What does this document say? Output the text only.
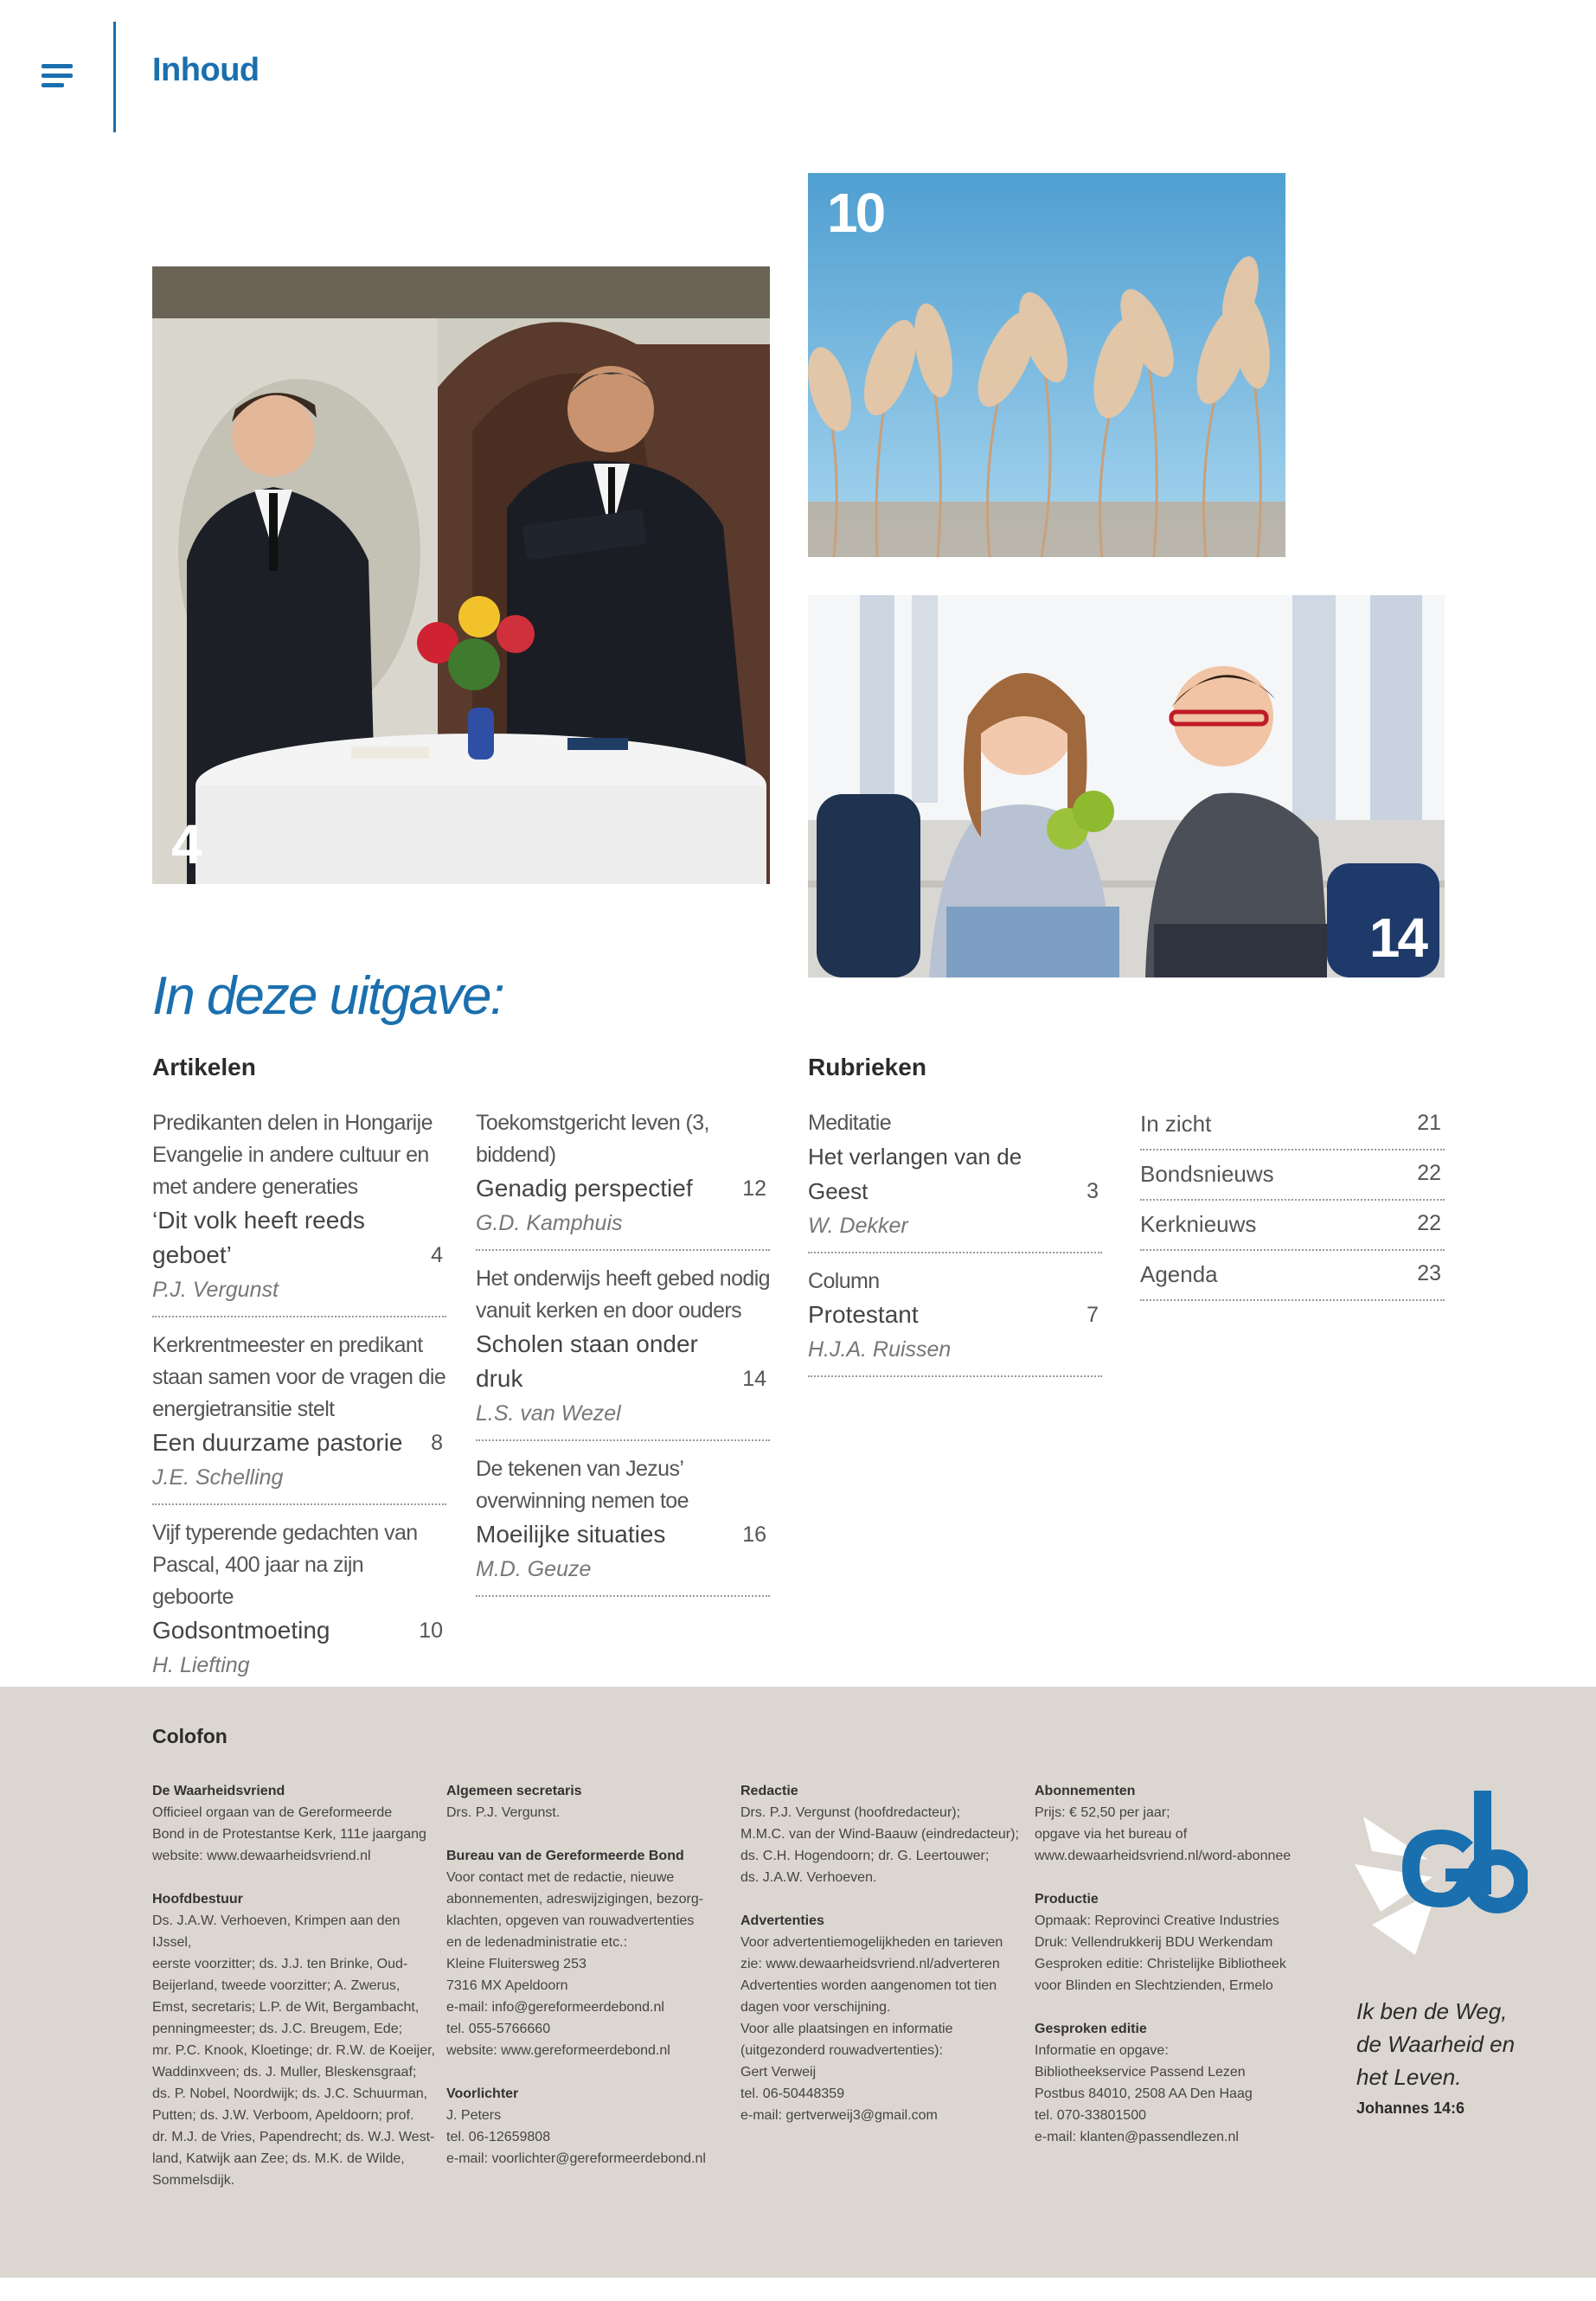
Inhoud
4
10
14
In deze uitgave:
Artikelen	Rubrieken
Predikanten delen in Hongarije Evangelie in andere cultuur en met andere generaties
‘Dit volk heeft reeds geboet’	4
P.J. Vergunst
Kerkrentmeester en predikant staan samen voor de vragen die energietransitie stelt
Een duurzame pastorie 8
J.E. Schelling
Vijf typerende gedachten van Pascal, 400 jaar na zijn geboorte
Godsontmoeting	10
H. Liefting
Toekomstgericht leven (3, biddend)
Genadig perspectief 12
G.D. Kamphuis
Het onderwijs heeft gebed nodig vanuit kerken en door ouders
Scholen staan onder druk	14
L.S. van Wezel
De tekenen van Jezus’ overwinning nemen toe
Moeilijke situaties	16
M.D. Geuze
Meditatie
Het verlangen van de Geest	3
W. Dekker
Column
Protestant	7
H.J.A. Ruissen
In zicht	21
Bondsnieuws	22
Kerknieuws	22
Agenda	23
Colofon
De Waarheidsvriend
Officieel orgaan van de Gereformeerde
Bond in de Protestantse Kerk, 111e jaargang
website: www.dewaarheidsvriend.nl
Hoofdbestuur
Ds. J.A.W. Verhoeven, Krimpen aan den IJssel,
eerste voorzitter; ds. J.J. ten Brinke, Oud-
Beijerland, tweede voorzitter; A. Zwerus,
Emst, secretaris; L.P. de Wit, Bergambacht,
penningmeester; ds. J.C. Breugem, Ede;
mr. P.C. Knook, Kloetinge; dr. R.W. de Koeijer,
Waddinxveen; ds. J. Muller, Bleskensgraaf;
ds. P. Nobel, Noordwijk; ds. J.C. Schuurman,
Putten; ds. J.W. Verboom, Apeldoorn; prof.
dr. M.J. de Vries, Papendrecht; ds. W.J. West-
land, Katwijk aan Zee; ds. M.K. de Wilde,
Sommelsdijk.
Algemeen secretaris
Drs. P.J. Vergunst.
Bureau van de Gereformeerde Bond
Voor contact met de redactie, nieuwe
abonnementen, adreswijzigingen, bezorg-
klachten, opgeven van rouwadvertenties
en de ledenadministratie etc.:
Kleine Fluitersweg 253
7316 MX Apeldoorn
e-mail: info@gereformeerdebond.nl
tel. 055-5766660
website: www.gereformeerdebond.nl
Voorlichter
J. Peters
tel. 06-12659808
e-mail: voorlichter@gereformeerdebond.nl
Redactie
Drs. P.J. Vergunst (hoofdredacteur);
M.M.C. van der Wind-Baauw (eindredacteur);
ds. C.H. Hogendoorn; dr. G. Leertouwer;
ds. J.A.W. Verhoeven.
Advertenties
Voor advertentiemogelijkheden en tarieven
zie: www.dewaarheidsvriend.nl/adverteren
Advertenties worden aangenomen tot tien
dagen voor verschijning.
Voor alle plaatsingen en informatie
(uitgezonderd rouwadvertenties):
Gert Verweij
tel. 06-50448359
e-mail: gertverweij3@gmail.com
Abonnementen
Prijs: € 52,50 per jaar;
opgave via het bureau of
www.dewaarheidsvriend.nl/word-abonnee
Productie
Opmaak: Reprovinci Creative Industries
Druk: Vellendrukkerij BDU Werkendam
Gesproken editie: Christelijke Bibliotheek
voor Blinden en Slechtzienden, Ermelo
Gesproken editie
Informatie en opgave:
Bibliotheekservice Passend Lezen
Postbus 84010, 2508 AA Den Haag
tel. 070-3380150​0
e-mail: klanten@passendlezen.nl
Ik ben de Weg,
de Waarheid en
het Leven.
Johannes 14:6
